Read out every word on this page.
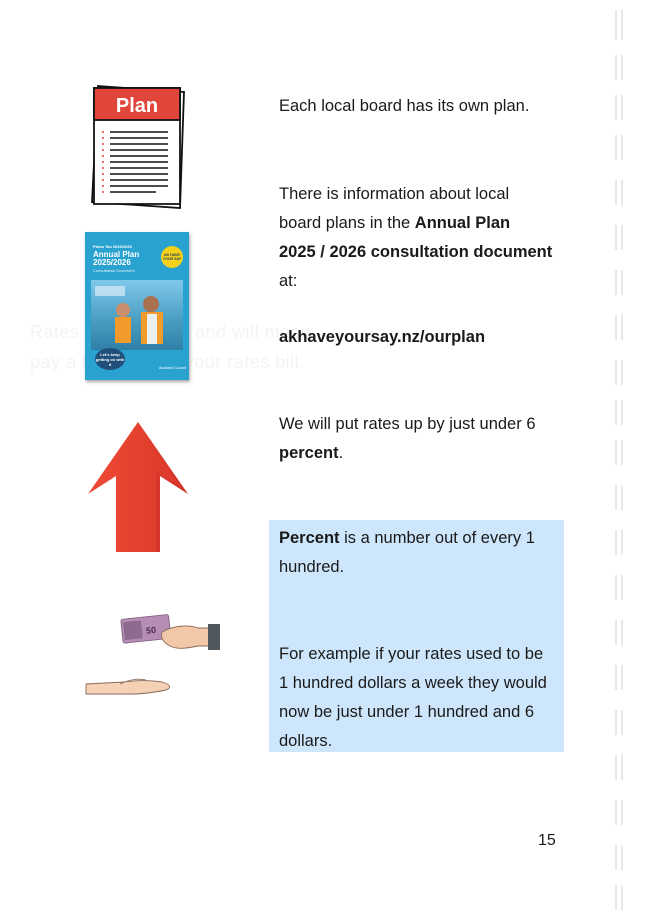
Plan
Pūtea Tau 2025/2026
Annual Plan
2025/2026
Consultation Document
AK HAVE YOUR SAY
Let's keep getting on with it
Auckland Council
50
Each local board has its own plan.
There is information about local
board plans in the Annual Plan
2025 / 2026 consultation document
at:
akhaveyoursay.nz/ourplan
We will put rates up by just under 6
percent.
Percent is a number out of every 1
hundred.
For example if your rates used to be
1 hundred dollars a week they would
now be just under 1 hundred and 6
dollars.
15
